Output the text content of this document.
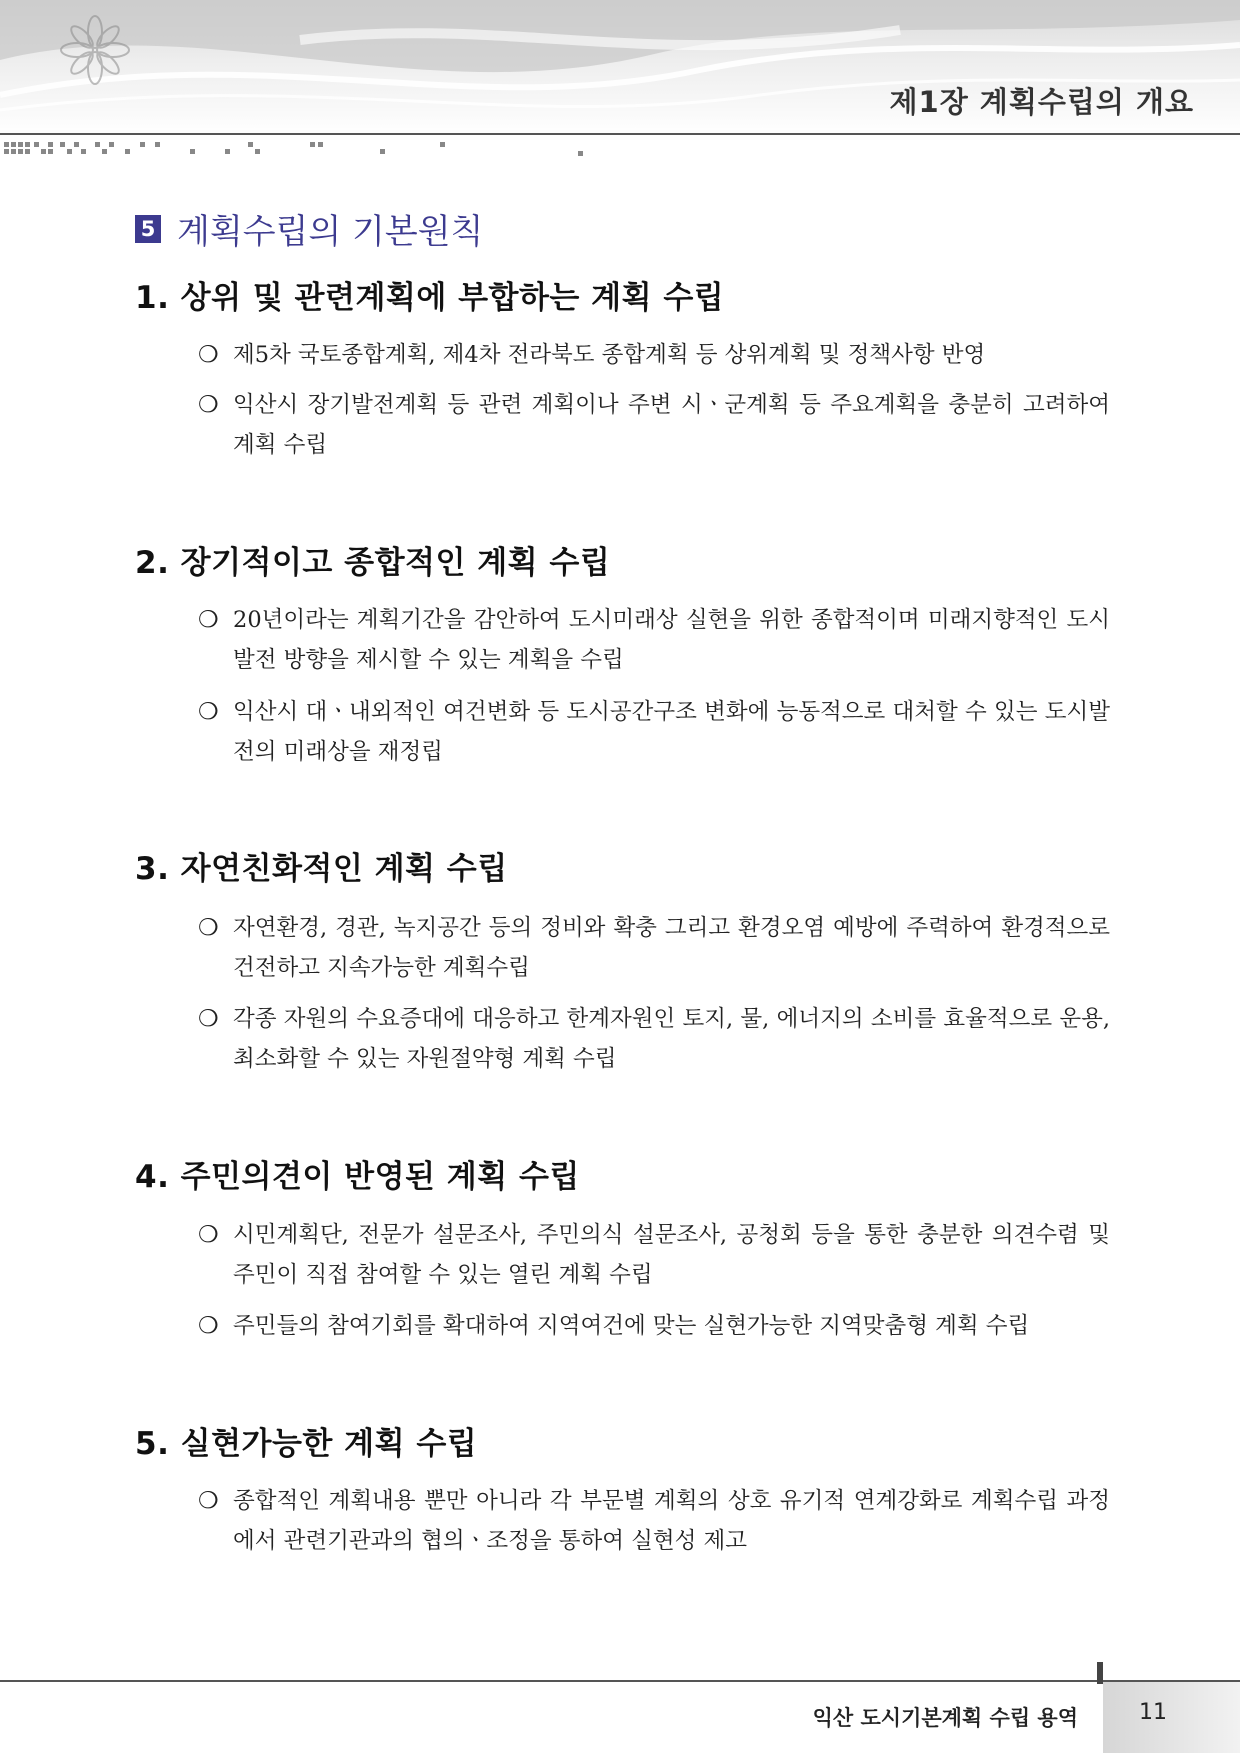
제1장 계획수립의 개요
5 계획수립의 기본원칙
1. 상위 및 관련계획에 부합하는 계획 수립
❍ 제5차 국토종합계획, 제4차 전라북도 종합계획 등 상위계획 및 정책사항 반영
❍ 익산시 장기발전계획 등 관련 계획이나 주변 시ㆍ군계획 등 주요계획을 충분히 고려하여 계획 수립
2. 장기적이고 종합적인 계획 수립
❍ 20년이라는 계획기간을 감안하여 도시미래상 실현을 위한 종합적이며 미래지향적인 도시발전 방향을 제시할 수 있는 계획을 수립
❍ 익산시 대ㆍ내외적인 여건변화 등 도시공간구조 변화에 능동적으로 대처할 수 있는 도시발전의 미래상을 재정립
3. 자연친화적인 계획 수립
❍ 자연환경, 경관, 녹지공간 등의 정비와 확충 그리고 환경오염 예방에 주력하여 환경적으로 건전하고 지속가능한 계획수립
❍ 각종 자원의 수요증대에 대응하고 한계자원인 토지, 물, 에너지의 소비를 효율적으로 운용, 최소화할 수 있는 자원절약형 계획 수립
4. 주민의견이 반영된 계획 수립
❍ 시민계획단, 전문가 설문조사, 주민의식 설문조사, 공청회 등을 통한 충분한 의견수렴 및 주민이 직접 참여할 수 있는 열린 계획 수립
❍ 주민들의 참여기회를 확대하여 지역여건에 맞는 실현가능한 지역맞춤형 계획 수립
5. 실현가능한 계획 수립
❍ 종합적인 계획내용 뿐만 아니라 각 부문별 계획의 상호 유기적 연계강화로 계획수립 과정에서 관련기관과의 협의ㆍ조정을 통하여 실현성 제고
익산 도시기본계획 수립 용역	11
